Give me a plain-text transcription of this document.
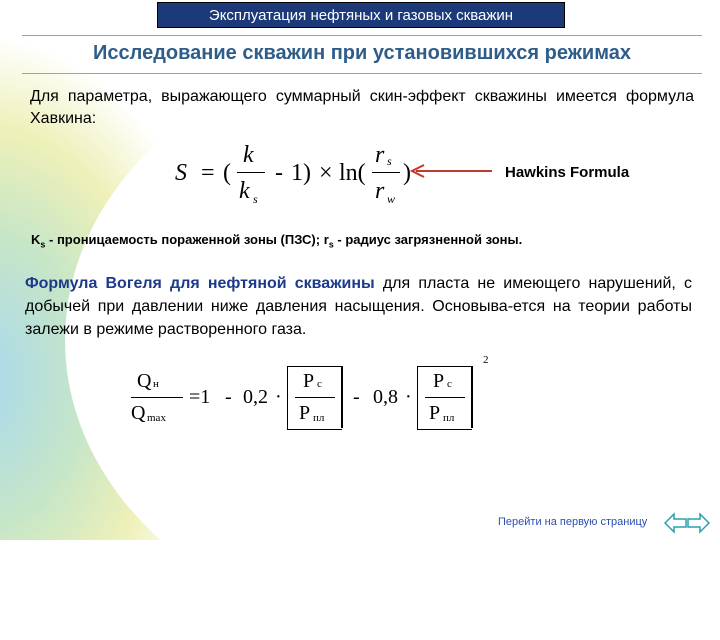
Эксплуатация нефтяных и газовых скважин
Исследование скважин при установившихся режимах
Для параметра, выражающего суммарный скин-эффект скважины имеется формула Хавкина:
S = (
k
k s
- 1) × ln(
r s
r w
)	Hawkins Formula
$K_s$ - проницаемость пораженной зоны (ПЗС); $r_s$ - радиус загрязненной зоны.
Формула Вогеля для нефтяной скважины для пласта не имеющего нарушений, с добычей при давлении ниже давления насыщения. Основыва-ется на теории работы залежи в режиме растворенного газа.
Q н
Q max
=1 - 0,2 ·
P с
P пл
- 0,8 ·
P с
P пл
2
Перейти на первую страницу
